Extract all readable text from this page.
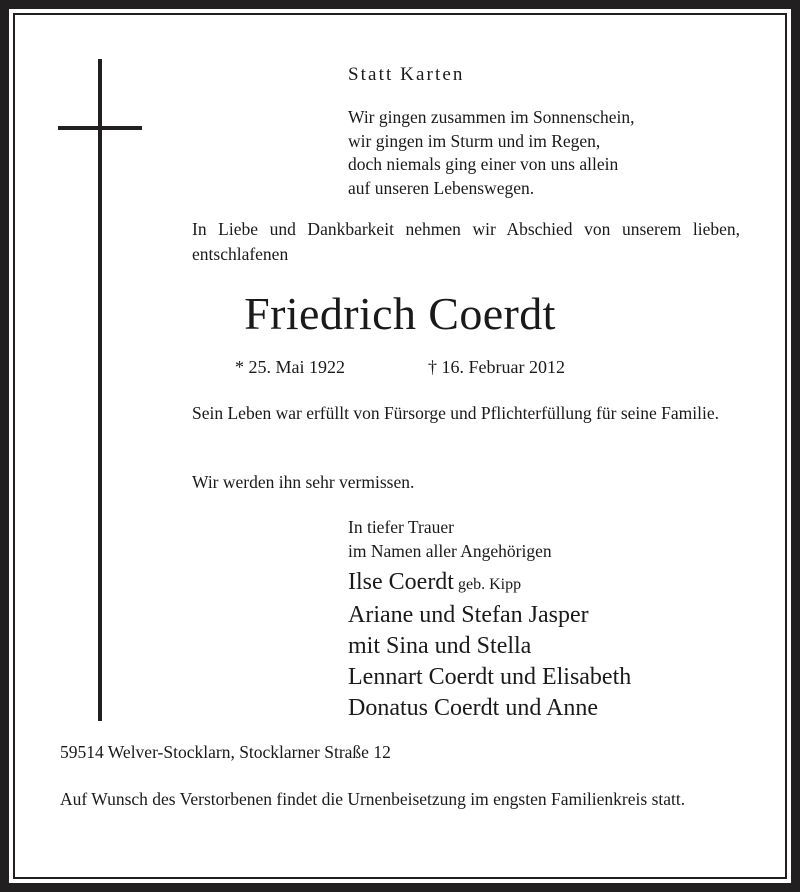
Statt Karten
Wir gingen zusammen im Sonnenschein,
wir gingen im Sturm und im Regen,
doch niemals ging einer von uns allein
auf unseren Lebenswegen.
In Liebe und Dankbarkeit nehmen wir Abschied von unserem lieben, entschlafenen
Friedrich Coerdt
* 25. Mai 1922	† 16. Februar 2012
Sein Leben war erfüllt von Fürsorge und Pflichterfüllung für seine Familie.
Wir werden ihn sehr vermissen.
In tiefer Trauer
im Namen aller Angehörigen
Ilse Coerdt geb. Kipp
Ariane und Stefan Jasper
mit Sina und Stella
Lennart Coerdt und Elisabeth
Donatus Coerdt und Anne
59514 Welver-Stocklarn, Stocklarner Straße 12
Auf Wunsch des Verstorbenen findet die Urnenbeisetzung im engsten Familienkreis statt.
